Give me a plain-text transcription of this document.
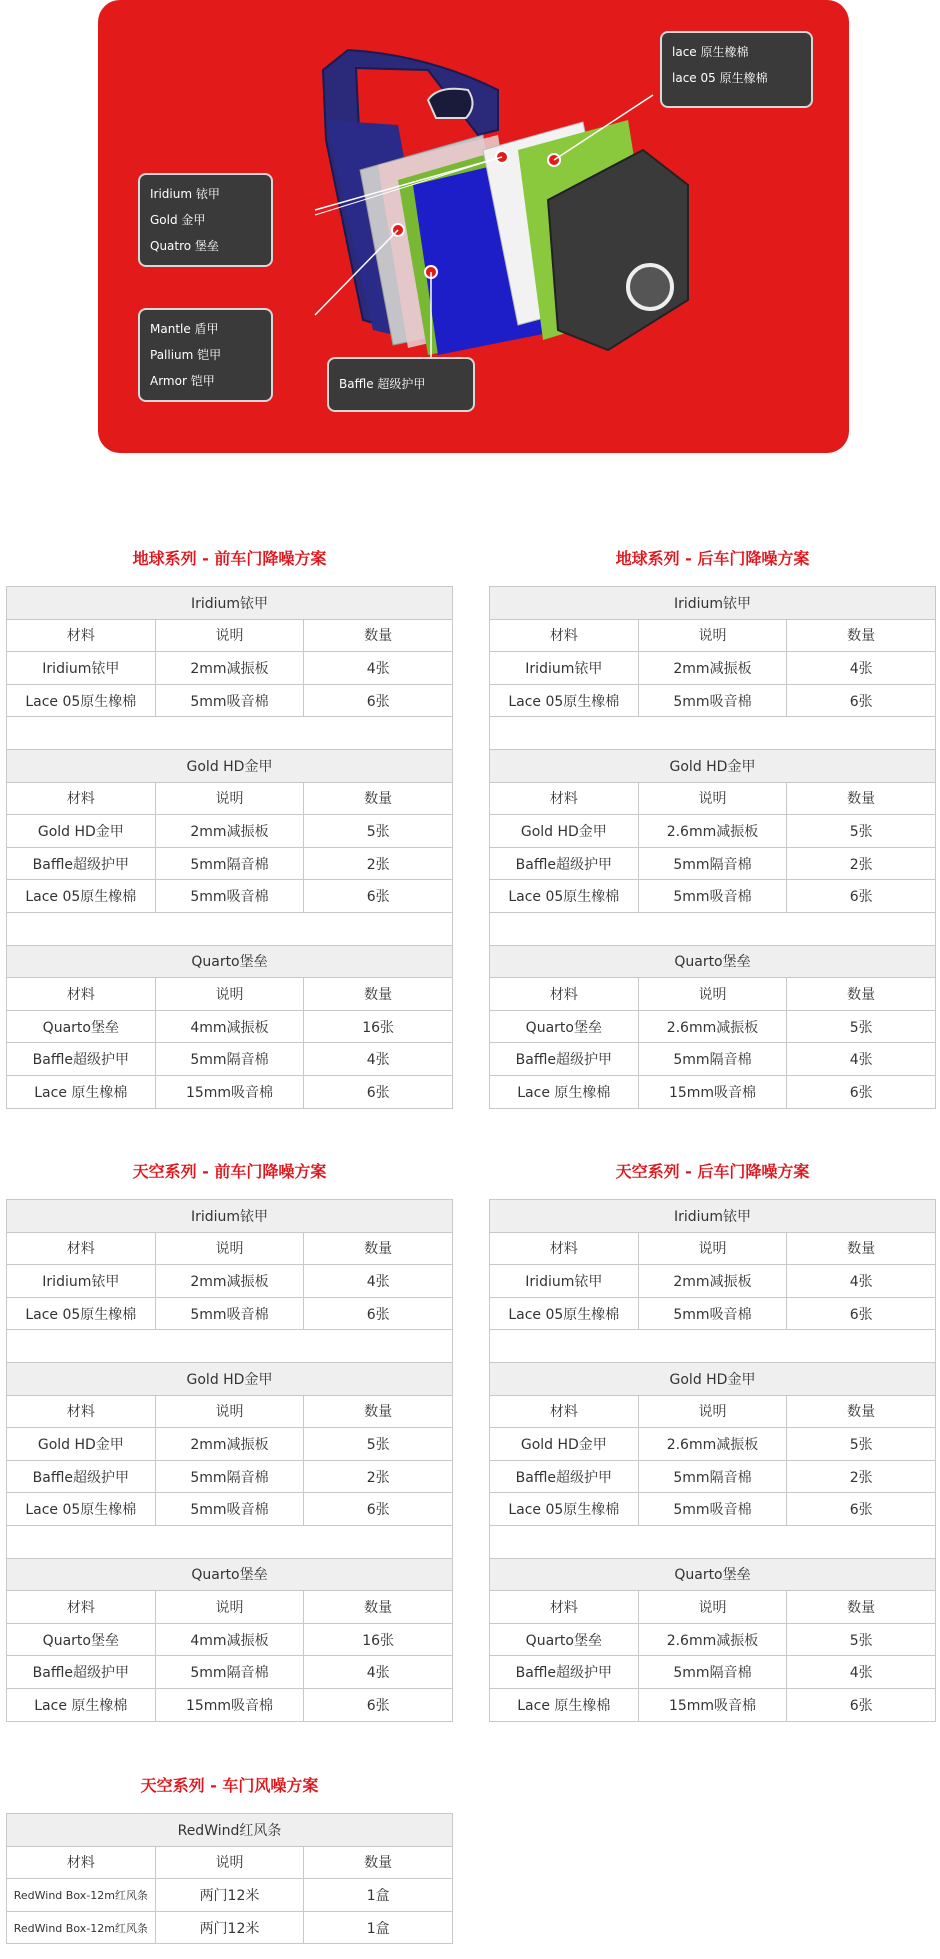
Iridium 铱甲
Gold 金甲
Quatro 堡垒
Mantle 盾甲
Pallium 铠甲
Armor 铠甲	Baffle 超级护甲
lace 原生橡棉
lace 05 原生橡棉
地球系列 - 前车门降噪方案
Iridium铱甲		
材料	说明	数量
Iridium铱甲	2mm减振板	4张
Lace 05原生橡棉	5mm吸音棉	6张

Gold HD金甲		
材料	说明	数量
Gold HD金甲	2mm减振板	5张
Baffle超级护甲	5mm隔音棉	2张
Lace 05原生橡棉	5mm吸音棉	6张

Quarto堡垒		
材料	说明	数量
Quarto堡垒	4mm减振板	16张
Baffle超级护甲	5mm隔音棉	4张
Lace 原生橡棉	15mm吸音棉	6张
地球系列 - 后车门降噪方案
Iridium铱甲		
材料	说明	数量
Iridium铱甲	2mm减振板	4张
Lace 05原生橡棉	5mm吸音棉	6张

Gold HD金甲		
材料	说明	数量
Gold HD金甲	2.6mm减振板	5张
Baffle超级护甲	5mm隔音棉	2张
Lace 05原生橡棉	5mm吸音棉	6张

Quarto堡垒		
材料	说明	数量
Quarto堡垒	2.6mm减振板	5张
Baffle超级护甲	5mm隔音棉	4张
Lace 原生橡棉	15mm吸音棉	6张
天空系列 - 前车门降噪方案
Iridium铱甲		
材料	说明	数量
Iridium铱甲	2mm减振板	4张
Lace 05原生橡棉	5mm吸音棉	6张

Gold HD金甲		
材料	说明	数量
Gold HD金甲	2mm减振板	5张
Baffle超级护甲	5mm隔音棉	2张
Lace 05原生橡棉	5mm吸音棉	6张

Quarto堡垒		
材料	说明	数量
Quarto堡垒	4mm减振板	16张
Baffle超级护甲	5mm隔音棉	4张
Lace 原生橡棉	15mm吸音棉	6张
天空系列 - 后车门降噪方案
Iridium铱甲		
材料	说明	数量
Iridium铱甲	2mm减振板	4张
Lace 05原生橡棉	5mm吸音棉	6张

Gold HD金甲		
材料	说明	数量
Gold HD金甲	2.6mm减振板	5张
Baffle超级护甲	5mm隔音棉	2张
Lace 05原生橡棉	5mm吸音棉	6张

Quarto堡垒		
材料	说明	数量
Quarto堡垒	2.6mm减振板	5张
Baffle超级护甲	5mm隔音棉	4张
Lace 原生橡棉	15mm吸音棉	6张
天空系列 - 车门风噪方案
RedWind红风条		
材料	说明	数量
RedWind Box-12m红风条	两门12米	1盒
RedWind Box-12m红风条	两门12米	1盒
